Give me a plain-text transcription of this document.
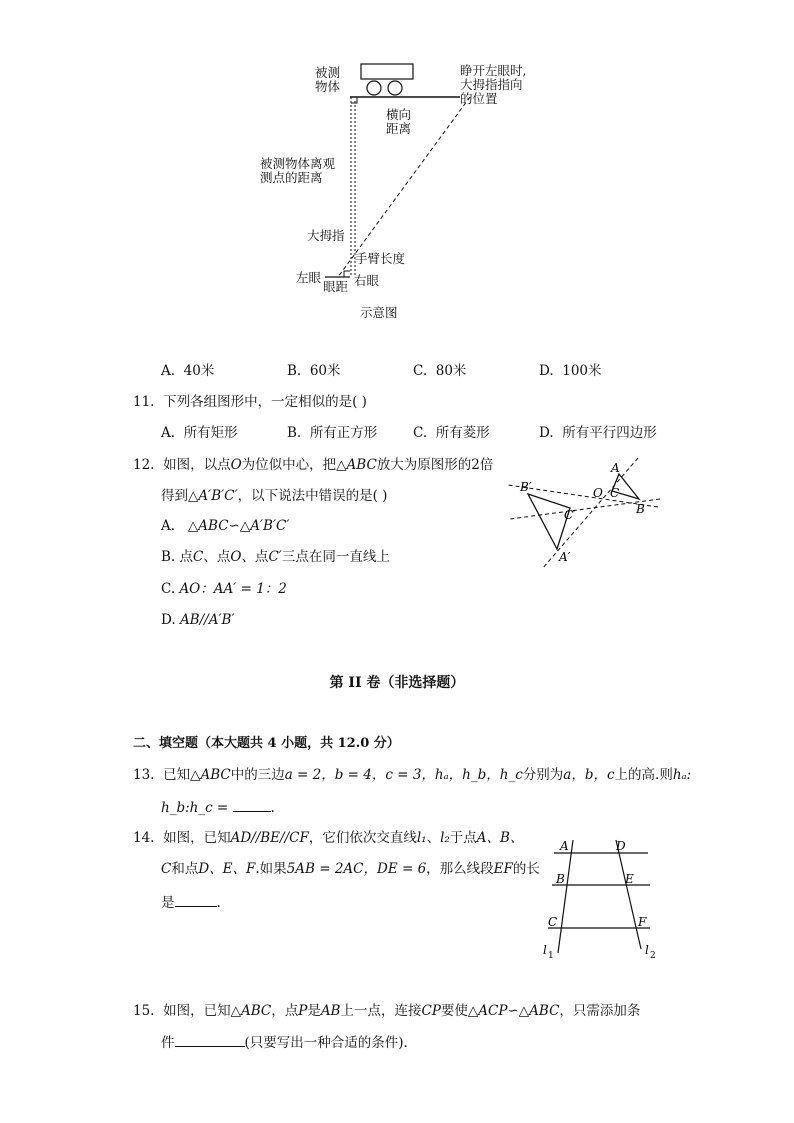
被测
物体
睁开左眼时,
大拇指指向
的位置
横向
距离
被测物体离观
测点的距离
大拇指
手臂长度
左眼	右眼
眼距
示意图
A. 40米	B. 60米	C. 80米	D. 100米
11. 下列各组图形中，一定相似的是( )
A. 所有矩形	B. 所有正方形	C. 所有菱形	D. 所有平行四边形
12. 如图，以点O为位似中心，把△ABC放大为原图形的2倍
得到△A′B′C′，以下说法中错误的是( )
A. △ABC∽△A′B′C′
B. 点C、点O、点C′三点在同一直线上
C. AO：AA′ = 1：2
D. AB//A′B′
A
B
C
O
A′
B′
C′
第 II 卷（非选择题）
二、填空题（本大题共 4 小题，共 12.0 分）
13. 已知△ABC中的三边a = 2，b = 4，c = 3，hₐ，h_b，h_c分别为a，b，c上的高.则hₐ:
h_b:h_c =	.
14. 如图，已知AD//BE//CF，它们依次交直线l₁、l₂于点A、B、
C和点D、E、F.如果5AB = 2AC，DE = 6，那么线段EF的长
是	.
A	D
B	E
C	F
l 1	l 2
15. 如图，已知△ABC，点P是AB上一点，连接CP要使△ACP∽△ABC，只需添加条
件	(只要写出一种合适的条件).
